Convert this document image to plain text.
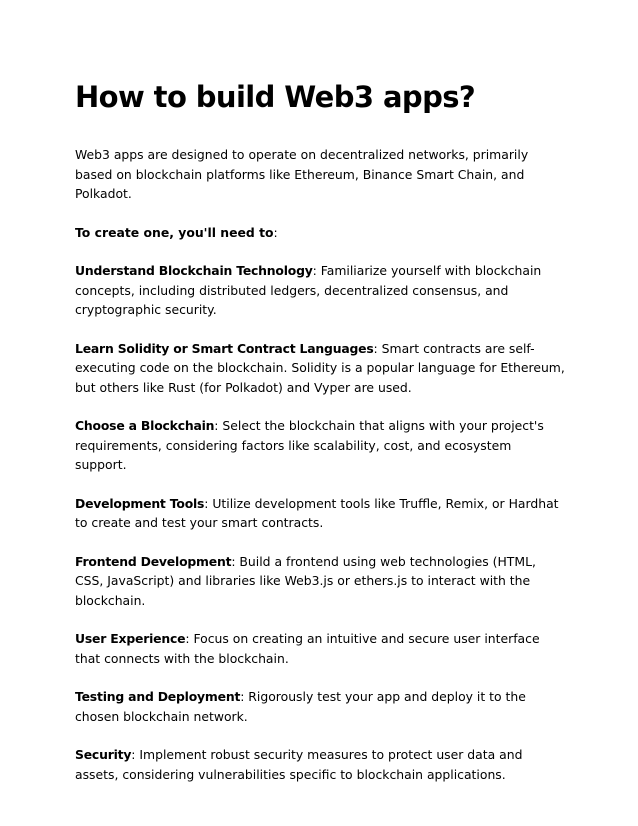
How to build Web3 apps?

Web3 apps are designed to operate on decentralized networks, primarily based on blockchain platforms like Ethereum, Binance Smart Chain, and Polkadot.

To create one, you'll need to:

Understand Blockchain Technology: Familiarize yourself with blockchain concepts, including distributed ledgers, decentralized consensus, and cryptographic security.

Learn Solidity or Smart Contract Languages: Smart contracts are self-executing code on the blockchain. Solidity is a popular language for Ethereum, but others like Rust (for Polkadot) and Vyper are used.

Choose a Blockchain: Select the blockchain that aligns with your project's requirements, considering factors like scalability, cost, and ecosystem support.

Development Tools: Utilize development tools like Truffle, Remix, or Hardhat to create and test your smart contracts.

Frontend Development: Build a frontend using web technologies (HTML, CSS, JavaScript) and libraries like Web3.js or ethers.js to interact with the blockchain.

User Experience: Focus on creating an intuitive and secure user interface that connects with the blockchain.

Testing and Deployment: Rigorously test your app and deploy it to the chosen blockchain network.

Security: Implement robust security measures to protect user data and assets, considering vulnerabilities specific to blockchain applications.
